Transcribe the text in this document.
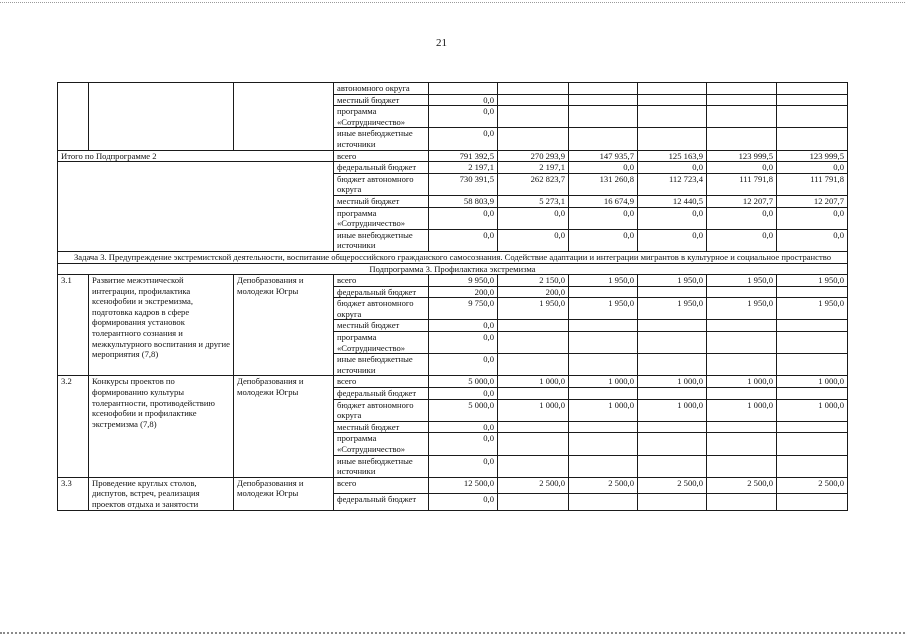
21
			автономного округа						
			местный бюджет	0,0					
			программа «Сотрудничество»	0,0					
			иные внебюджетные источники	0,0					
Итого по Подпрограмме 2			всего	791 392,5	270 293,9	147 935,7	125 163,9	123 999,5	123 999,5
			федеральный бюджет	2 197,1	2 197,1	0,0	0,0	0,0	0,0
			бюджет автономного округа	730 391,5	262 823,7	131 260,8	112 723,4	111 791,8	111 791,8
			местный бюджет	58 803,9	5 273,1	16 674,9	12 440,5	12 207,7	12 207,7
			программа «Сотрудничество»	0,0	0,0	0,0	0,0	0,0	0,0
			иные внебюджетные источники	0,0	0,0	0,0	0,0	0,0	0,0
Задача 3. Предупреждение экстремистской деятельности, воспитание общероссийского гражданского самосознания. Содействие адаптации и интеграции мигрантов в культурное и социальное пространство									
Подпрограмма 3. Профилактика экстремизма									
3.1	Развитие межэтнической интеграции, профилактика ксенофобии и экстремизма, подготовка кадров в сфере формирования установок толерантного сознания и межкультурного воспитания и другие мероприятия (7,8)	Депобразования и молодежи Югры	всего	9 950,0	2 150,0	1 950,0	1 950,0	1 950,0	1 950,0
			федеральный бюджет	200,0	200,0				
			бюджет автономного округа	9 750,0	1 950,0	1 950,0	1 950,0	1 950,0	1 950,0
			местный бюджет	0,0					
			программа «Сотрудничество»	0,0					
			иные внебюджетные источники	0,0					
3.2	Конкурсы проектов по формированию культуры толерантности, противодействию ксенофобии и профилактике экстремизма (7,8)	Депобразования и молодежи Югры	всего	5 000,0	1 000,0	1 000,0	1 000,0	1 000,0	1 000,0
			федеральный бюджет	0,0					
			бюджет автономного округа	5 000,0	1 000,0	1 000,0	1 000,0	1 000,0	1 000,0
			местный бюджет	0,0					
			программа «Сотрудничество»	0,0					
			иные внебюджетные источники	0,0					
3.3	Проведение круглых столов, диспутов, встреч, реализация проектов отдыха и занятости	Депобразования и молодежи Югры	всего	12 500,0	2 500,0	2 500,0	2 500,0	2 500,0	2 500,0
			федеральный бюджет	0,0					
